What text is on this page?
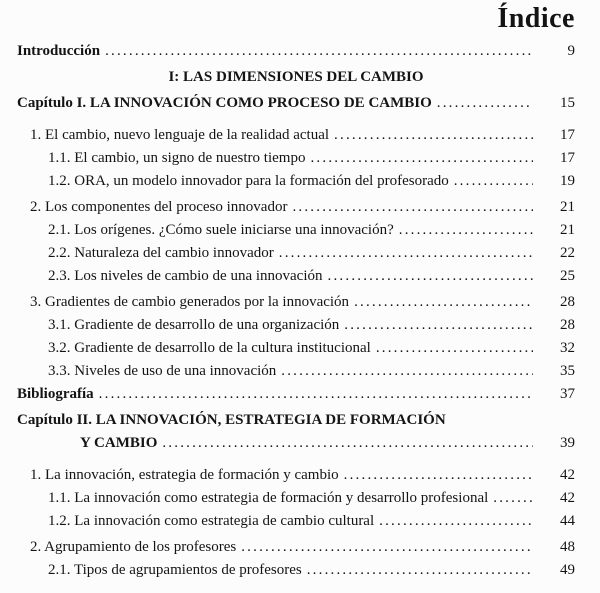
Índice
Introducción .....	9
I: LAS DIMENSIONES DEL CAMBIO
Capítulo I. LA INNOVACIÓN COMO PROCESO DE CAMBIO .....	15
1. El cambio, nuevo lenguaje de la realidad actual .....	17
1.1. El cambio, un signo de nuestro tiempo .....	17
1.2. ORA, un modelo innovador para la formación del profesorado .....	19
2. Los componentes del proceso innovador .....	21
2.1. Los orígenes. ¿Cómo suele iniciarse una innovación? .....	21
2.2. Naturaleza del cambio innovador .....	22
2.3. Los niveles de cambio de una innovación .....	25
3. Gradientes de cambio generados por la innovación .....	28
3.1. Gradiente de desarrollo de una organización .....	28
3.2. Gradiente de desarrollo de la cultura institucional .....	32
3.3. Niveles de uso de una innovación .....	35
Bibliografía .....	37
Capítulo II. LA INNOVACIÓN, ESTRATEGIA DE FORMACIÓN
Y CAMBIO .....	39
1. La innovación, estrategia de formación y cambio .....	42
1.1. La innovación como estrategia de formación y desarrollo profesional .....	42
1.2. La innovación como estrategia de cambio cultural .....	44
2. Agrupamiento de los profesores .....	48
2.1. Tipos de agrupamientos de profesores .....	49
